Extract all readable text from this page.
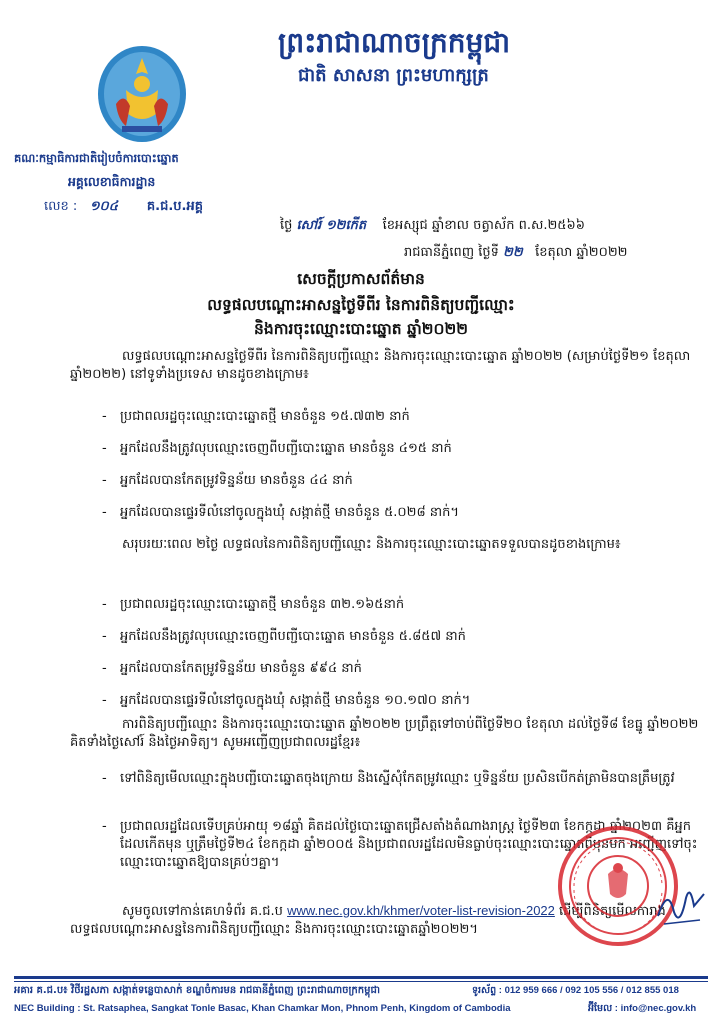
ព្រះរាជាណាចក្រកម្ពុជា
ជាតិ សាសនា ព្រះមហាក្សត្រ
គណៈកម្មាធិការជាតិរៀបចំការបោះឆ្នោត
អគ្គលេខាធិការដ្ឋាន
លេខ : ១០៤ គ.ជ.ប.អគ្គ
ថ្ងៃ សៅរ៍ ១២កើត ខែអស្សុជ ឆ្នាំខាល ចត្វាស័ក ព.ស.២៥៦៦
រាជធានីភ្នំពេញ ថ្ងៃទី ២២ ខែតុលា ឆ្នាំ២០២២
សេចក្តីប្រកាសព័ត៌មាន
លទ្ធផលបណ្តោះអាសន្នថ្ងៃទីពីរ នៃការពិនិត្យបញ្ជីឈ្មោះ
និងការចុះឈ្មោះបោះឆ្នោត ឆ្នាំ២០២២
លទ្ធផលបណ្តោះអាសន្នថ្ងៃទីពីរ នៃការពិនិត្យបញ្ជីឈ្មោះ និងការចុះឈ្មោះបោះឆ្នោត ឆ្នាំ២០២២ (សម្រាប់ថ្ងៃទី២១ ខែតុលា ឆ្នាំ២០២២) នៅទូទាំងប្រទេស មានដូចខាងក្រោម៖
- ប្រជាពលរដ្ឋចុះឈ្មោះបោះឆ្នោតថ្មី មានចំនួន ១៥.៧៣២ នាក់
- អ្នកដែលនឹងត្រូវលុបឈ្មោះចេញពីបញ្ជីបោះឆ្នោត មានចំនួន ៤១៥ នាក់
- អ្នកដែលបានកែតម្រូវទិន្នន័យ មានចំនួន ៤៤ នាក់
- អ្នកដែលបានផ្ទេរទីលំនៅចូលក្នុងឃុំ សង្កាត់ថ្មី មានចំនួន ៥.០២៨ នាក់។
សរុបរយៈពេល ២ថ្ងៃ លទ្ធផលនៃការពិនិត្យបញ្ជីឈ្មោះ និងការចុះឈ្មោះបោះឆ្នោតទទួលបានដូចខាងក្រោម៖
- ប្រជាពលរដ្ឋចុះឈ្មោះបោះឆ្នោតថ្មី មានចំនួន ៣២.១៦៥នាក់
- អ្នកដែលនឹងត្រូវលុបឈ្មោះចេញពីបញ្ជីបោះឆ្នោត មានចំនួន ៥.៨៥៧ នាក់
- អ្នកដែលបានកែតម្រូវទិន្នន័យ មានចំនួន ៩៩៤ នាក់
- អ្នកដែលបានផ្ទេរទីលំនៅចូលក្នុងឃុំ សង្កាត់ថ្មី មានចំនួន ១០.១៧០ នាក់។
ការពិនិត្យបញ្ជីឈ្មោះ និងការចុះឈ្មោះបោះឆ្នោត ឆ្នាំ២០២២ ប្រព្រឹត្តទៅចាប់ពីថ្ងៃទី២០ ខែតុលា ដល់ថ្ងៃទី៨ ខែធ្នូ ឆ្នាំ២០២២ គិតទាំងថ្ងៃសៅរ៍ និងថ្ងៃអាទិត្យ។ សូមអញ្ជើញប្រជាពលរដ្ឋខ្មែរ៖
- ទៅពិនិត្យមើលឈ្មោះក្នុងបញ្ជីបោះឆ្នោតចុងក្រោយ និងស្នើសុំកែតម្រូវឈ្មោះ ឬទិន្នន័យ ប្រសិនបើកត់ត្រាមិនបានត្រឹមត្រូវ
- ប្រជាពលរដ្ឋដែលទើបគ្រប់អាយុ ១៨ឆ្នាំ គិតដល់ថ្ងៃបោះឆ្នោតជ្រើសតាំងតំណាងរាស្ត្រ ថ្ងៃទី២៣ ខែកក្កដា ឆ្នាំ២០២៣ គឺអ្នកដែលកើតមុន ឬត្រឹមថ្ងៃទី២៤ ខែកក្កដា ឆ្នាំ២០០៥ និងប្រជាពលរដ្ឋដែលមិនធ្លាប់ចុះឈ្មោះបោះឆ្នោតពីមុនមក អញ្ជើញទៅចុះឈ្មោះបោះឆ្នោតឱ្យបានគ្រប់ៗគ្នា។
សូមចូលទៅកាន់គេហទំព័រ គ.ជ.ប www.nec.gov.kh/khmer/voter-list-revision-2022 ដើម្បីពិនិត្យមើលការាងលទ្ធផលបណ្តោះអាសន្ននៃការពិនិត្យបញ្ជីឈ្មោះ និងការចុះឈ្មោះបោះឆ្នោតឆ្នាំ២០២២។
អគារ គ.ជ.ប៖ វិថីរដ្ឋសភា សង្កាត់ទន្លេបាសាក់ ខណ្ឌចំការមន រាជធានីភ្នំពេញ ព្រះរាជាណាចក្រកម្ពុជា
NEC Building : St. Ratsaphea, Sangkat Tonle Basac, Khan Chamkar Mon, Phnom Penh, Kingdom of Cambodia
ទូរស័ព្ទ : 012 959 666 / 092 105 556 / 012 855 018
អ៊ីមែល : info@nec.gov.kh
